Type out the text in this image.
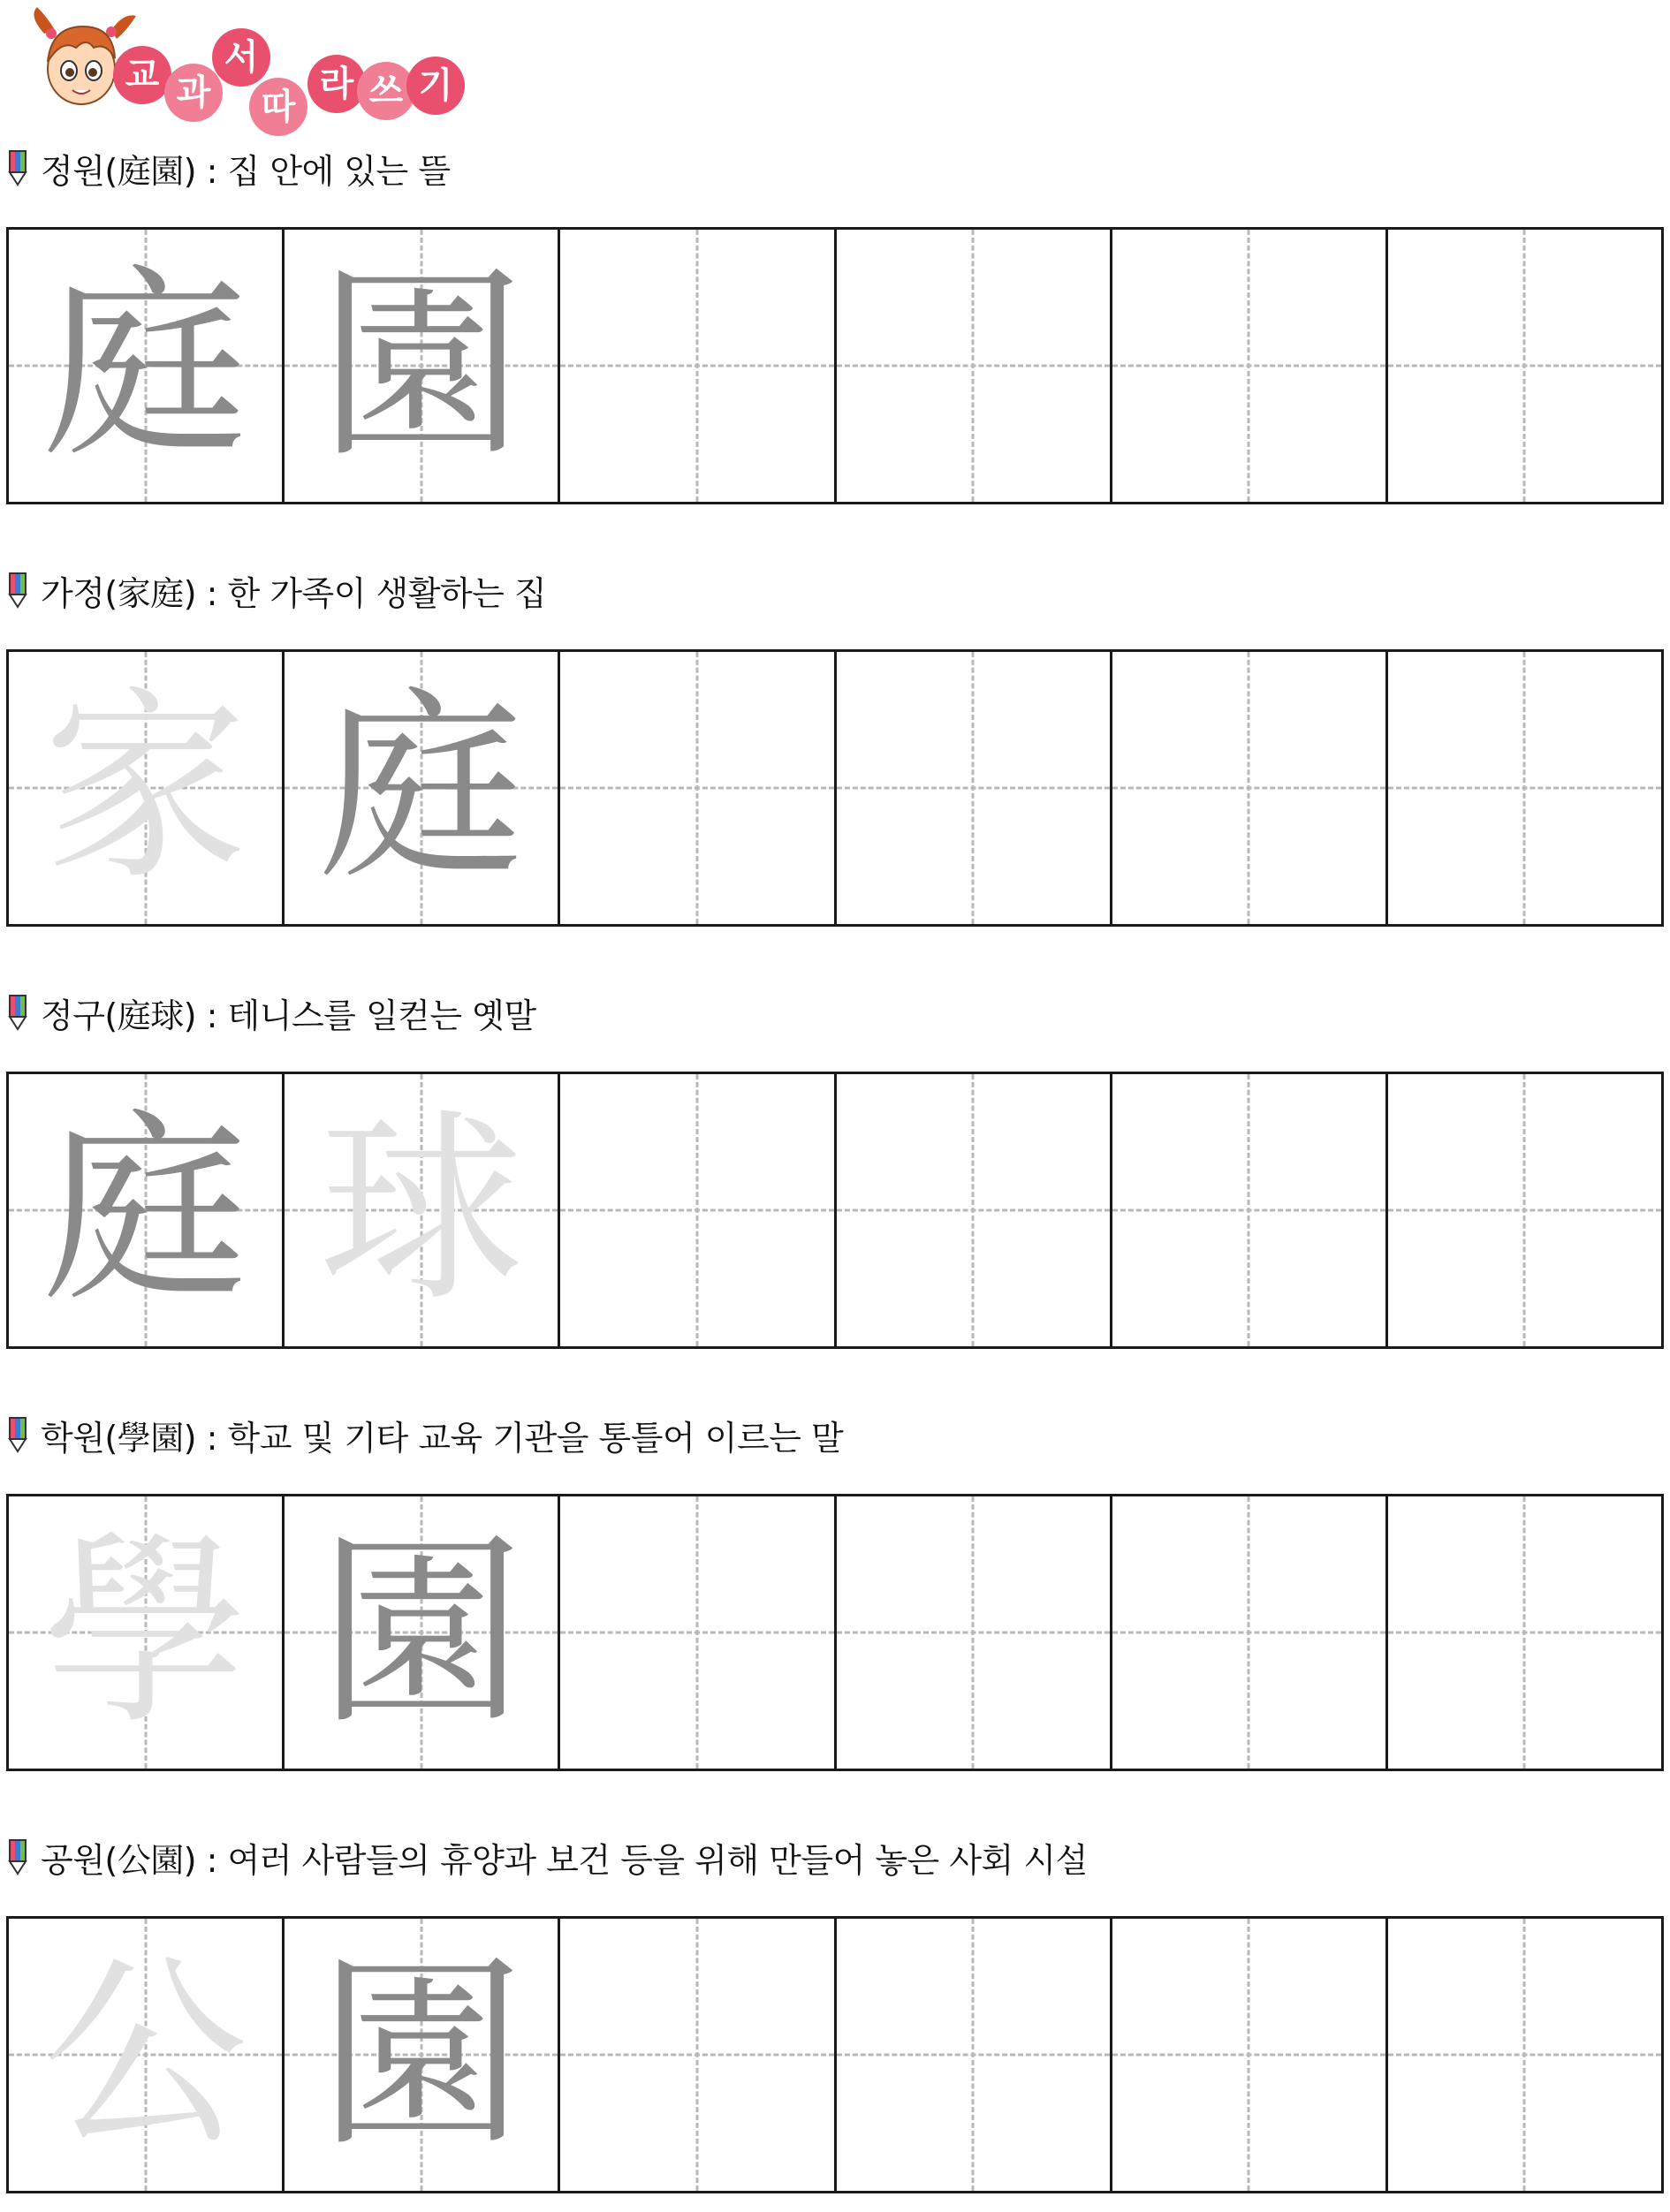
교 과
서
따
라 쓰 기
정원(庭園) : 집 안에 있는 뜰
庭 園
가정(家庭) : 한 가족이 생활하는 집
家 庭
정구(庭球) : 테니스를 일컫는 옛말
庭 球
학원(學園) : 학교 및 기타 교육 기관을 통틀어 이르는 말
學 園
공원(公園) : 여러 사람들의 휴양과 보건 등을 위해 만들어 놓은 사회 시설
公 園
